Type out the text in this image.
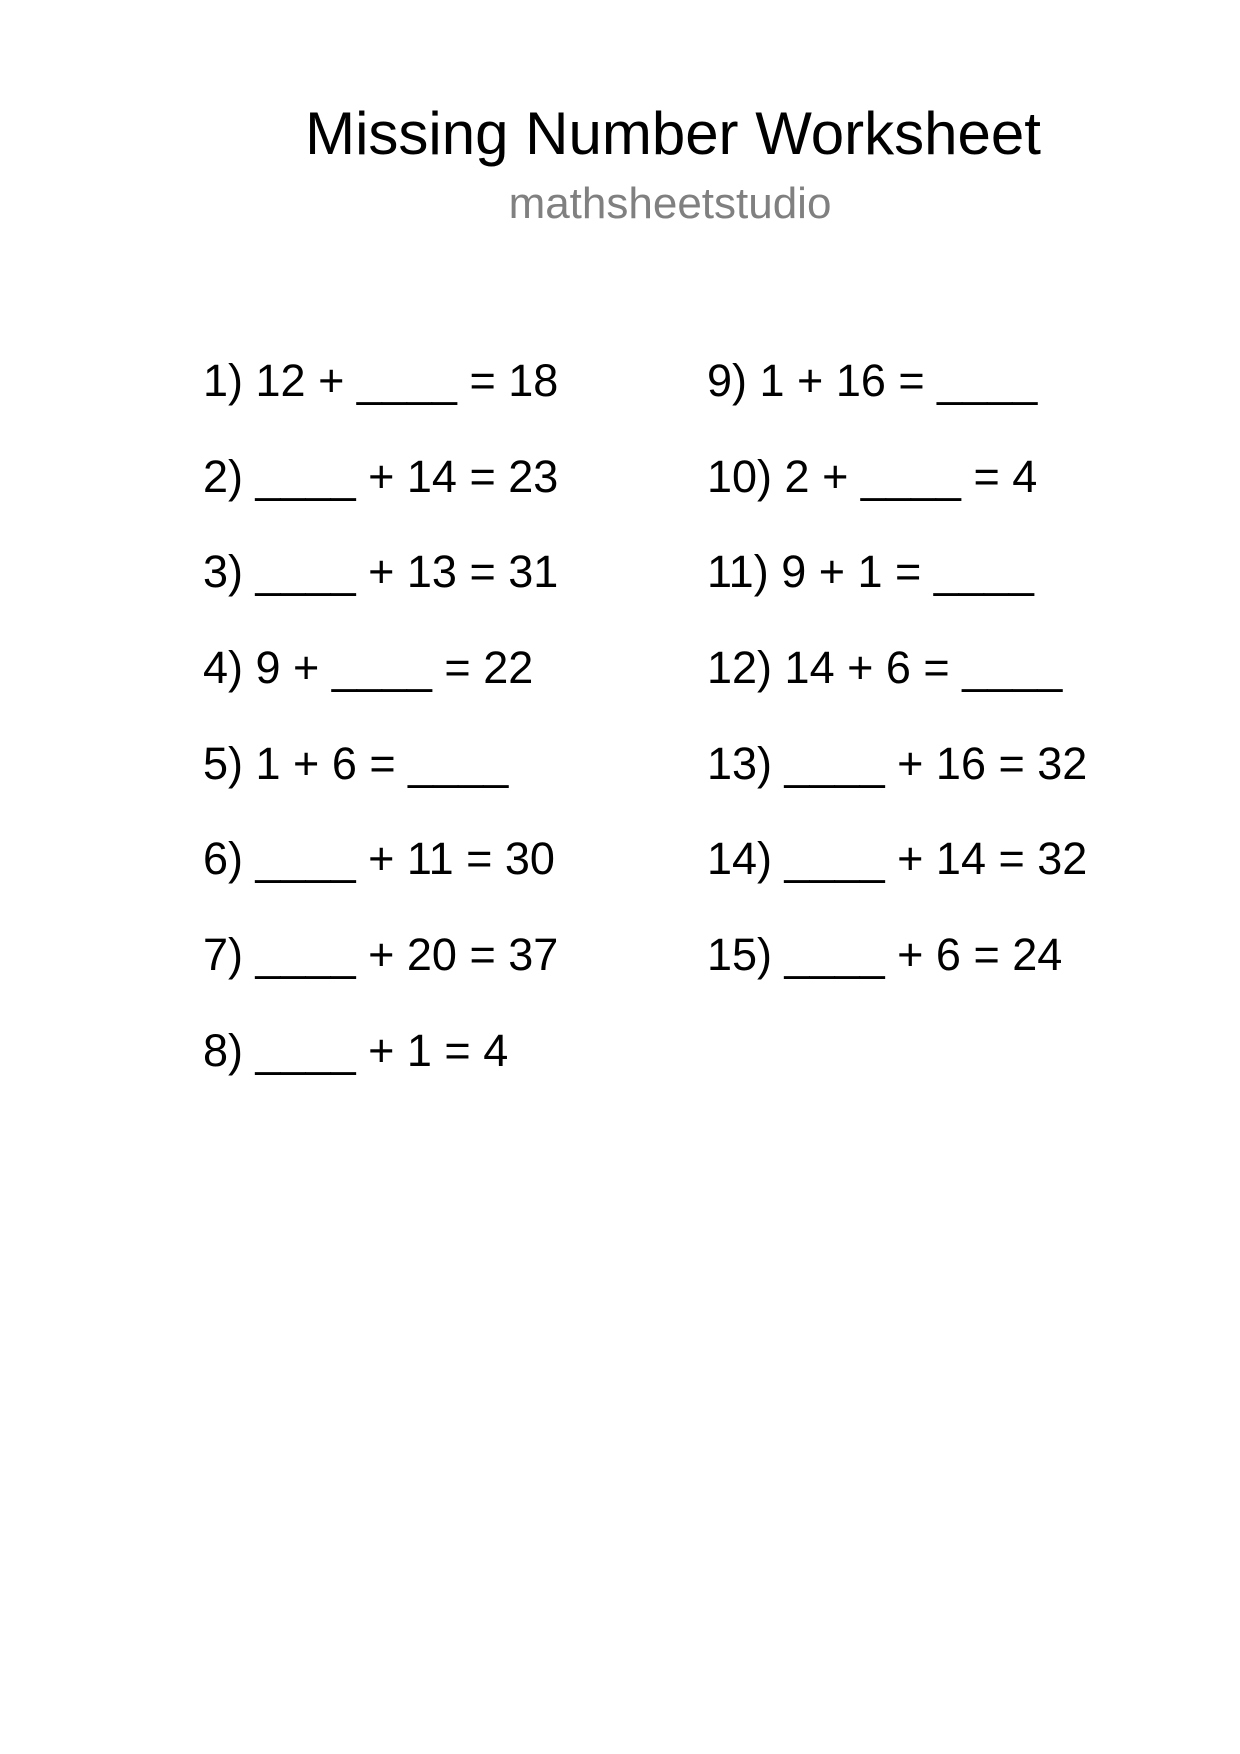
Missing Number Worksheet
mathsheetstudio
1) 12 + ____ = 18
2) ____ + 14 = 23
3) ____ + 13 = 31
4) 9 + ____ = 22
5) 1 + 6 = ____
6) ____ + 11 = 30
7) ____ + 20 = 37
8) ____ + 1 = 4
9) 1 + 16 = ____
10) 2 + ____ = 4
11) 9 + 1 = ____
12) 14 + 6 = ____
13) ____ + 16 = 32
14) ____ + 14 = 32
15) ____ + 6 = 24
